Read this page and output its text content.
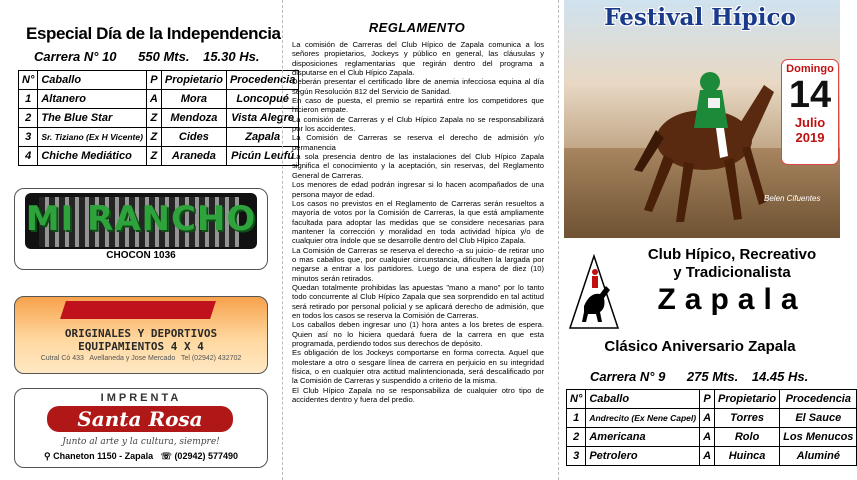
Especial Día de la Independencia
Carrera N° 10 550 Mts. 15.30 Hs.
N°	Caballo	P	Propietario	Procedencia
1	Altanero	A	Mora	Loncopué
2	The Blue Star	Z	Mendoza	Vista Alegre
3	Sr. Tiziano (Ex H Vicente)	Z	Cides	Zapala
4	Chiche Mediático	Z	Araneda	Picún Leufú
MI RANCHO
CHOCON 1036
ORIGINALES Y DEPORTIVOS
EQUIPAMIENTOS 4 X 4
Cutral Có 433 Avellaneda y Jose Mercado Tel (02942) 432702
IMPRENTA
Santa Rosa
Junto al arte y la cultura, siempre!
⚲ Chaneton 1150 - Zapala ☏ (02942) 577490
REGLAMENTO

La comisión de Carreras del Club Hípico de Zapala comunica a los señores propietarios, Jockeys y público en general, las cláusulas y disposiciones reglamentarias que regirán dentro del programa a disputarse en el Club Hípico Zapala.

Deberán presentar el certificado libre de anemia infecciosa equina al día según Resolución 812 del Servicio de Sanidad.

En caso de puesta, el premio se repartirá entre los competidores que hicieron empate.

La comisión de Carreras y el Club Hípico Zapala no se responsabilizará por los accidentes.

La Comisión de Carreras se reserva el derecho de admisión y/o permanencia

La sola presencia dentro de las instalaciones del Club Hípico Zapala significa el conocimiento y la aceptación, sin reservas, del Reglamento General de Carreras.

Los menores de edad podrán ingresar si lo hacen acompañados de una persona mayor de edad.

Los casos no previstos en el Reglamento de Carreras serán resueltos a mayoría de votos por la Comisión de Carreras, la que está ampliamente facultada para adoptar las medidas que se considere necesarias para mantener la corrección y moralidad en toda actividad hípica y/o de cualquier otra índole que se desarrolle dentro del Club Hípico Zapala.

La Comisión de Carreras se reserva el derecho -a su juicio- de retirar uno o mas caballos que, por cualquier circunstancia, dificulten la largada por negarse a entrar a los partidores. Luego de una espera de diez (10) minutos serán retirados.

Quedan totalmente prohibidas las apuestas "mano a mano" por lo tanto todo concurrente al Club Hípico Zapala que sea sorprendido en tal actitud será retirado por personal policial y se aplicará derecho de admisión, que en todos los casos se reserva la Comisión de Carreras.

Los caballos deben ingresar uno (1) hora antes a los bretes de espera. Quien así no lo hiciera quedará fuera de la carrera en que esta programada, perdiendo todos sus derechos de depósito.

Es obligación de los Jockeys comportarse en forma correcta. Aquel que molestare a otro o sesgare línea de carrera en perjuicio en su integridad física, o en cualquier otra actitud malintencionada, será descalificado por la Comisión de Carreras y suspendido a criterio de la misma.

El Club Hípico Zapala no se responsabiliza de cualquier otro tipo de accidentes dentro y fuera del predio.

Festival Hípico
Domingo
14
Julio
2019
Belen Cifuentes
Club Hípico, Recreativo
y Tradicionalista
Zapala
Clásico Aniversario Zapala
Carrera N° 9 275 Mts. 14.45 Hs.
N°	Caballo	P	Propietario	Procedencia
1	Andrecito (Ex Nene Capel)	A	Torres	El Sauce
2	Americana	A	Rolo	Los Menucos
3	Petrolero	A	Huinca	Aluminé
